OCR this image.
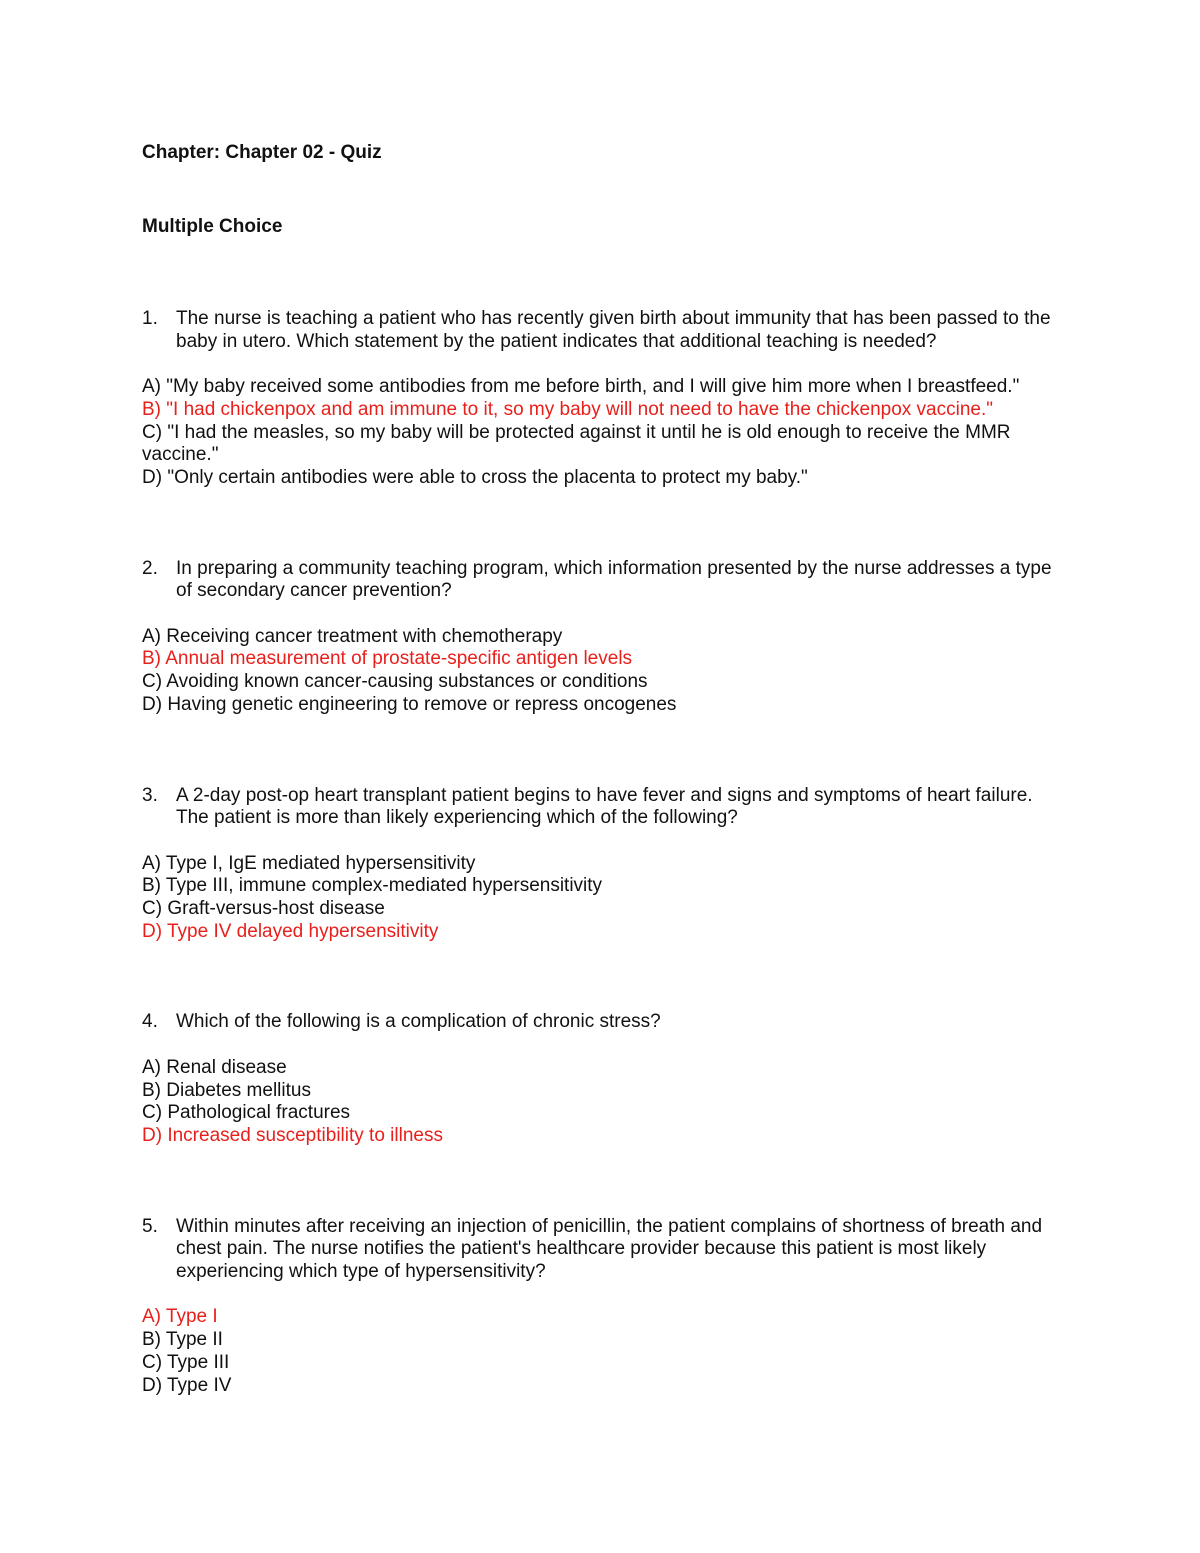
Chapter: Chapter 02 - Quiz
Multiple Choice
1. The nurse is teaching a patient who has recently given birth about immunity that has been passed to the baby in utero. Which statement by the patient indicates that additional teaching is needed?
A) "My baby received some antibodies from me before birth, and I will give him more when I breastfeed."
B) "I had chickenpox and am immune to it, so my baby will not need to have the chickenpox vaccine."
C) "I had the measles, so my baby will be protected against it until he is old enough to receive the MMR vaccine."
D) "Only certain antibodies were able to cross the placenta to protect my baby."
2. In preparing a community teaching program, which information presented by the nurse addresses a type of secondary cancer prevention?
A) Receiving cancer treatment with chemotherapy
B) Annual measurement of prostate-specific antigen levels
C) Avoiding known cancer-causing substances or conditions
D) Having genetic engineering to remove or repress oncogenes
3. A 2-day post-op heart transplant patient begins to have fever and signs and symptoms of heart failure. The patient is more than likely experiencing which of the following?
A) Type I, IgE mediated hypersensitivity
B) Type III, immune complex-mediated hypersensitivity
C) Graft-versus-host disease
D) Type IV delayed hypersensitivity
4. Which of the following is a complication of chronic stress?
A) Renal disease
B) Diabetes mellitus
C) Pathological fractures
D) Increased susceptibility to illness
5. Within minutes after receiving an injection of penicillin, the patient complains of shortness of breath and chest pain. The nurse notifies the patient's healthcare provider because this patient is most likely experiencing which type of hypersensitivity?
A) Type I
B) Type II
C) Type III
D) Type IV
